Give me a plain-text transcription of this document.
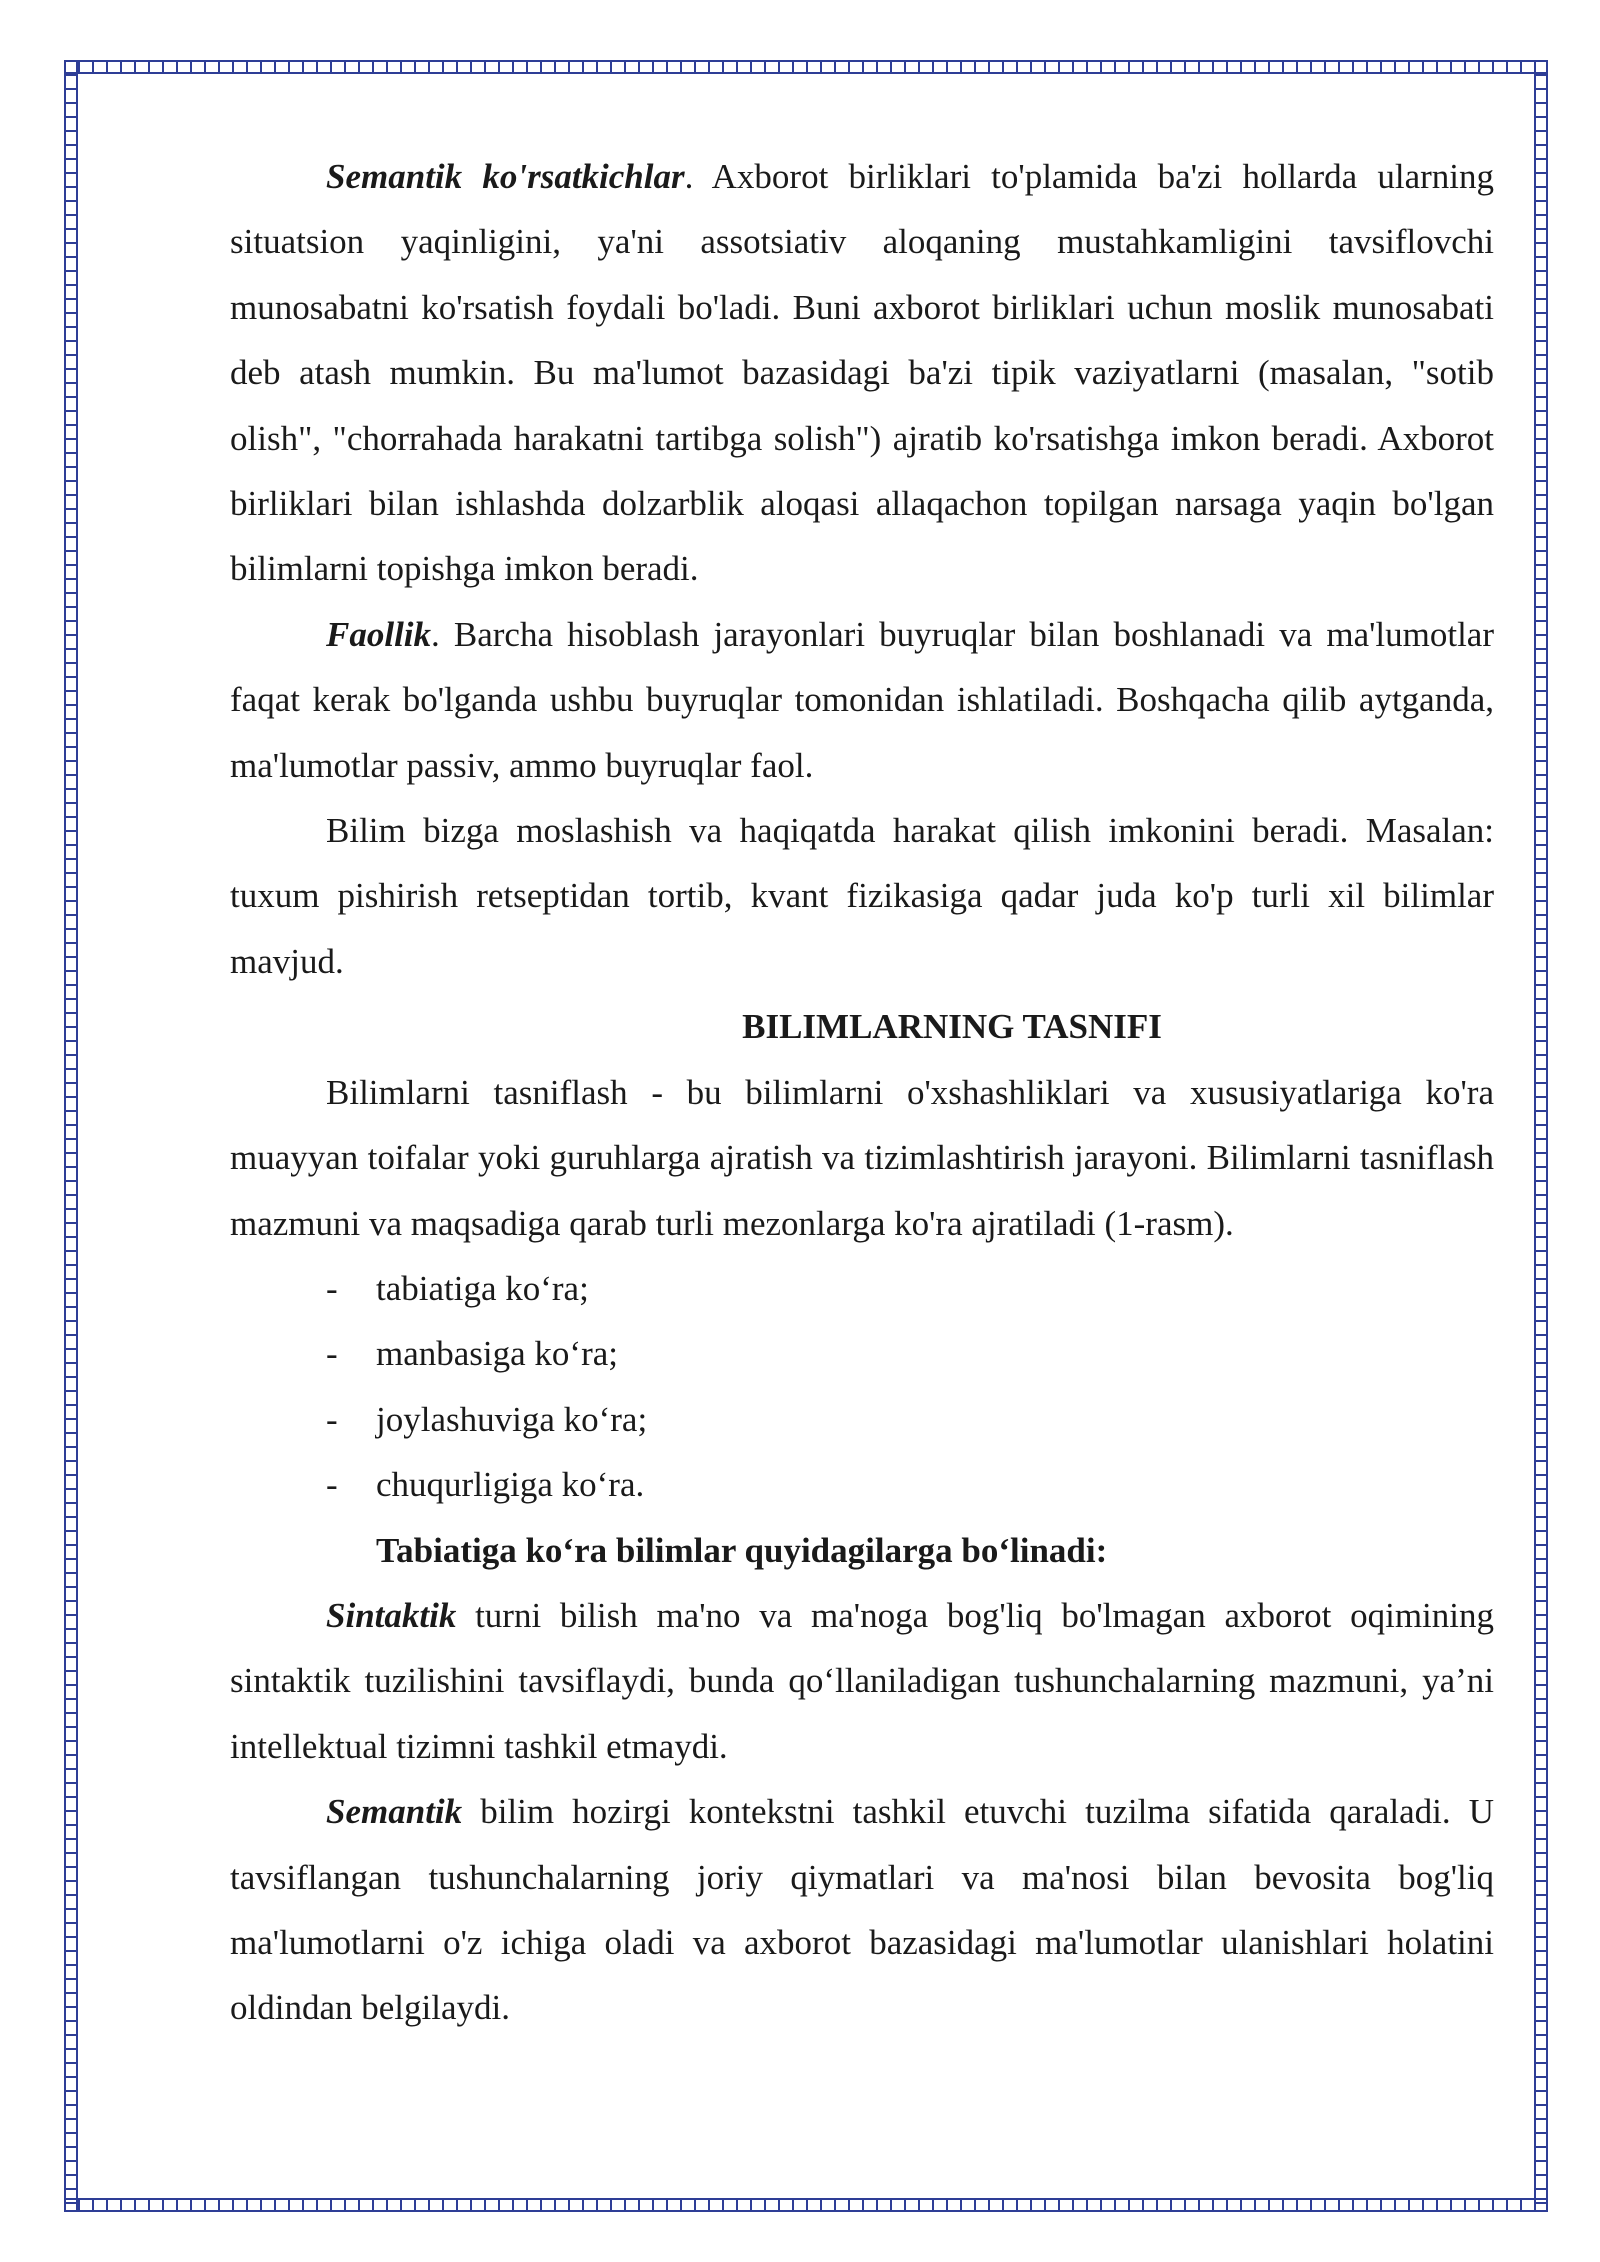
Semantik ko'rsatkichlar. Axborot birliklari to'plamida ba'zi hollarda ularning situatsion yaqinligini, ya'ni assotsiativ aloqaning mustahkamligini tavsiflovchi munosabatni ko'rsatish foydali bo'ladi. Buni axborot birliklari uchun moslik munosabati deb atash mumkin. Bu ma'lumot bazasidagi ba'zi tipik vaziyatlarni (masalan, "sotib olish", "chorrahada harakatni tartibga solish") ajratib ko'rsatishga imkon beradi. Axborot birliklari bilan ishlashda dolzarblik aloqasi allaqachon topilgan narsaga yaqin bo'lgan bilimlarni topishga imkon beradi.

Faollik. Barcha hisoblash jarayonlari buyruqlar bilan boshlanadi va ma'lumotlar faqat kerak bo'lganda ushbu buyruqlar tomonidan ishlatiladi. Boshqacha qilib aytganda, ma'lumotlar passiv, ammo buyruqlar faol.

Bilim bizga moslashish va haqiqatda harakat qilish imkonini beradi. Masalan: tuxum pishirish retseptidan tortib, kvant fizikasiga qadar juda ko'p turli xil bilimlar mavjud.

BILIMLARNING TASNIFI

Bilimlarni tasniflash - bu bilimlarni o'xshashliklari va xususiyatlariga ko'ra muayyan toifalar yoki guruhlarga ajratish va tizimlashtirish jarayoni. Bilimlarni tasniflash mazmuni va maqsadiga qarab turli mezonlarga ko'ra ajratiladi (1-rasm).

- tabiatiga ko‘ra;
- manbasiga ko‘ra;
- joylashuviga ko‘ra;
- chuqurligiga ko‘ra.
Tabiatiga ko‘ra bilimlar quyidagilarga bo‘linadi:

Sintaktik turni bilish ma'no va ma'noga bog'liq bo'lmagan axborot oqimining sintaktik tuzilishini tavsiflaydi, bunda qo‘llaniladigan tushunchalarning mazmuni, ya’ni intellektual tizimni tashkil etmaydi.

Semantik bilim hozirgi kontekstni tashkil etuvchi tuzilma sifatida qaraladi. U tavsiflangan tushunchalarning joriy qiymatlari va ma'nosi bilan bevosita bog'liq ma'lumotlarni o'z ichiga oladi va axborot bazasidagi ma'lumotlar ulanishlari holatini oldindan belgilaydi.
